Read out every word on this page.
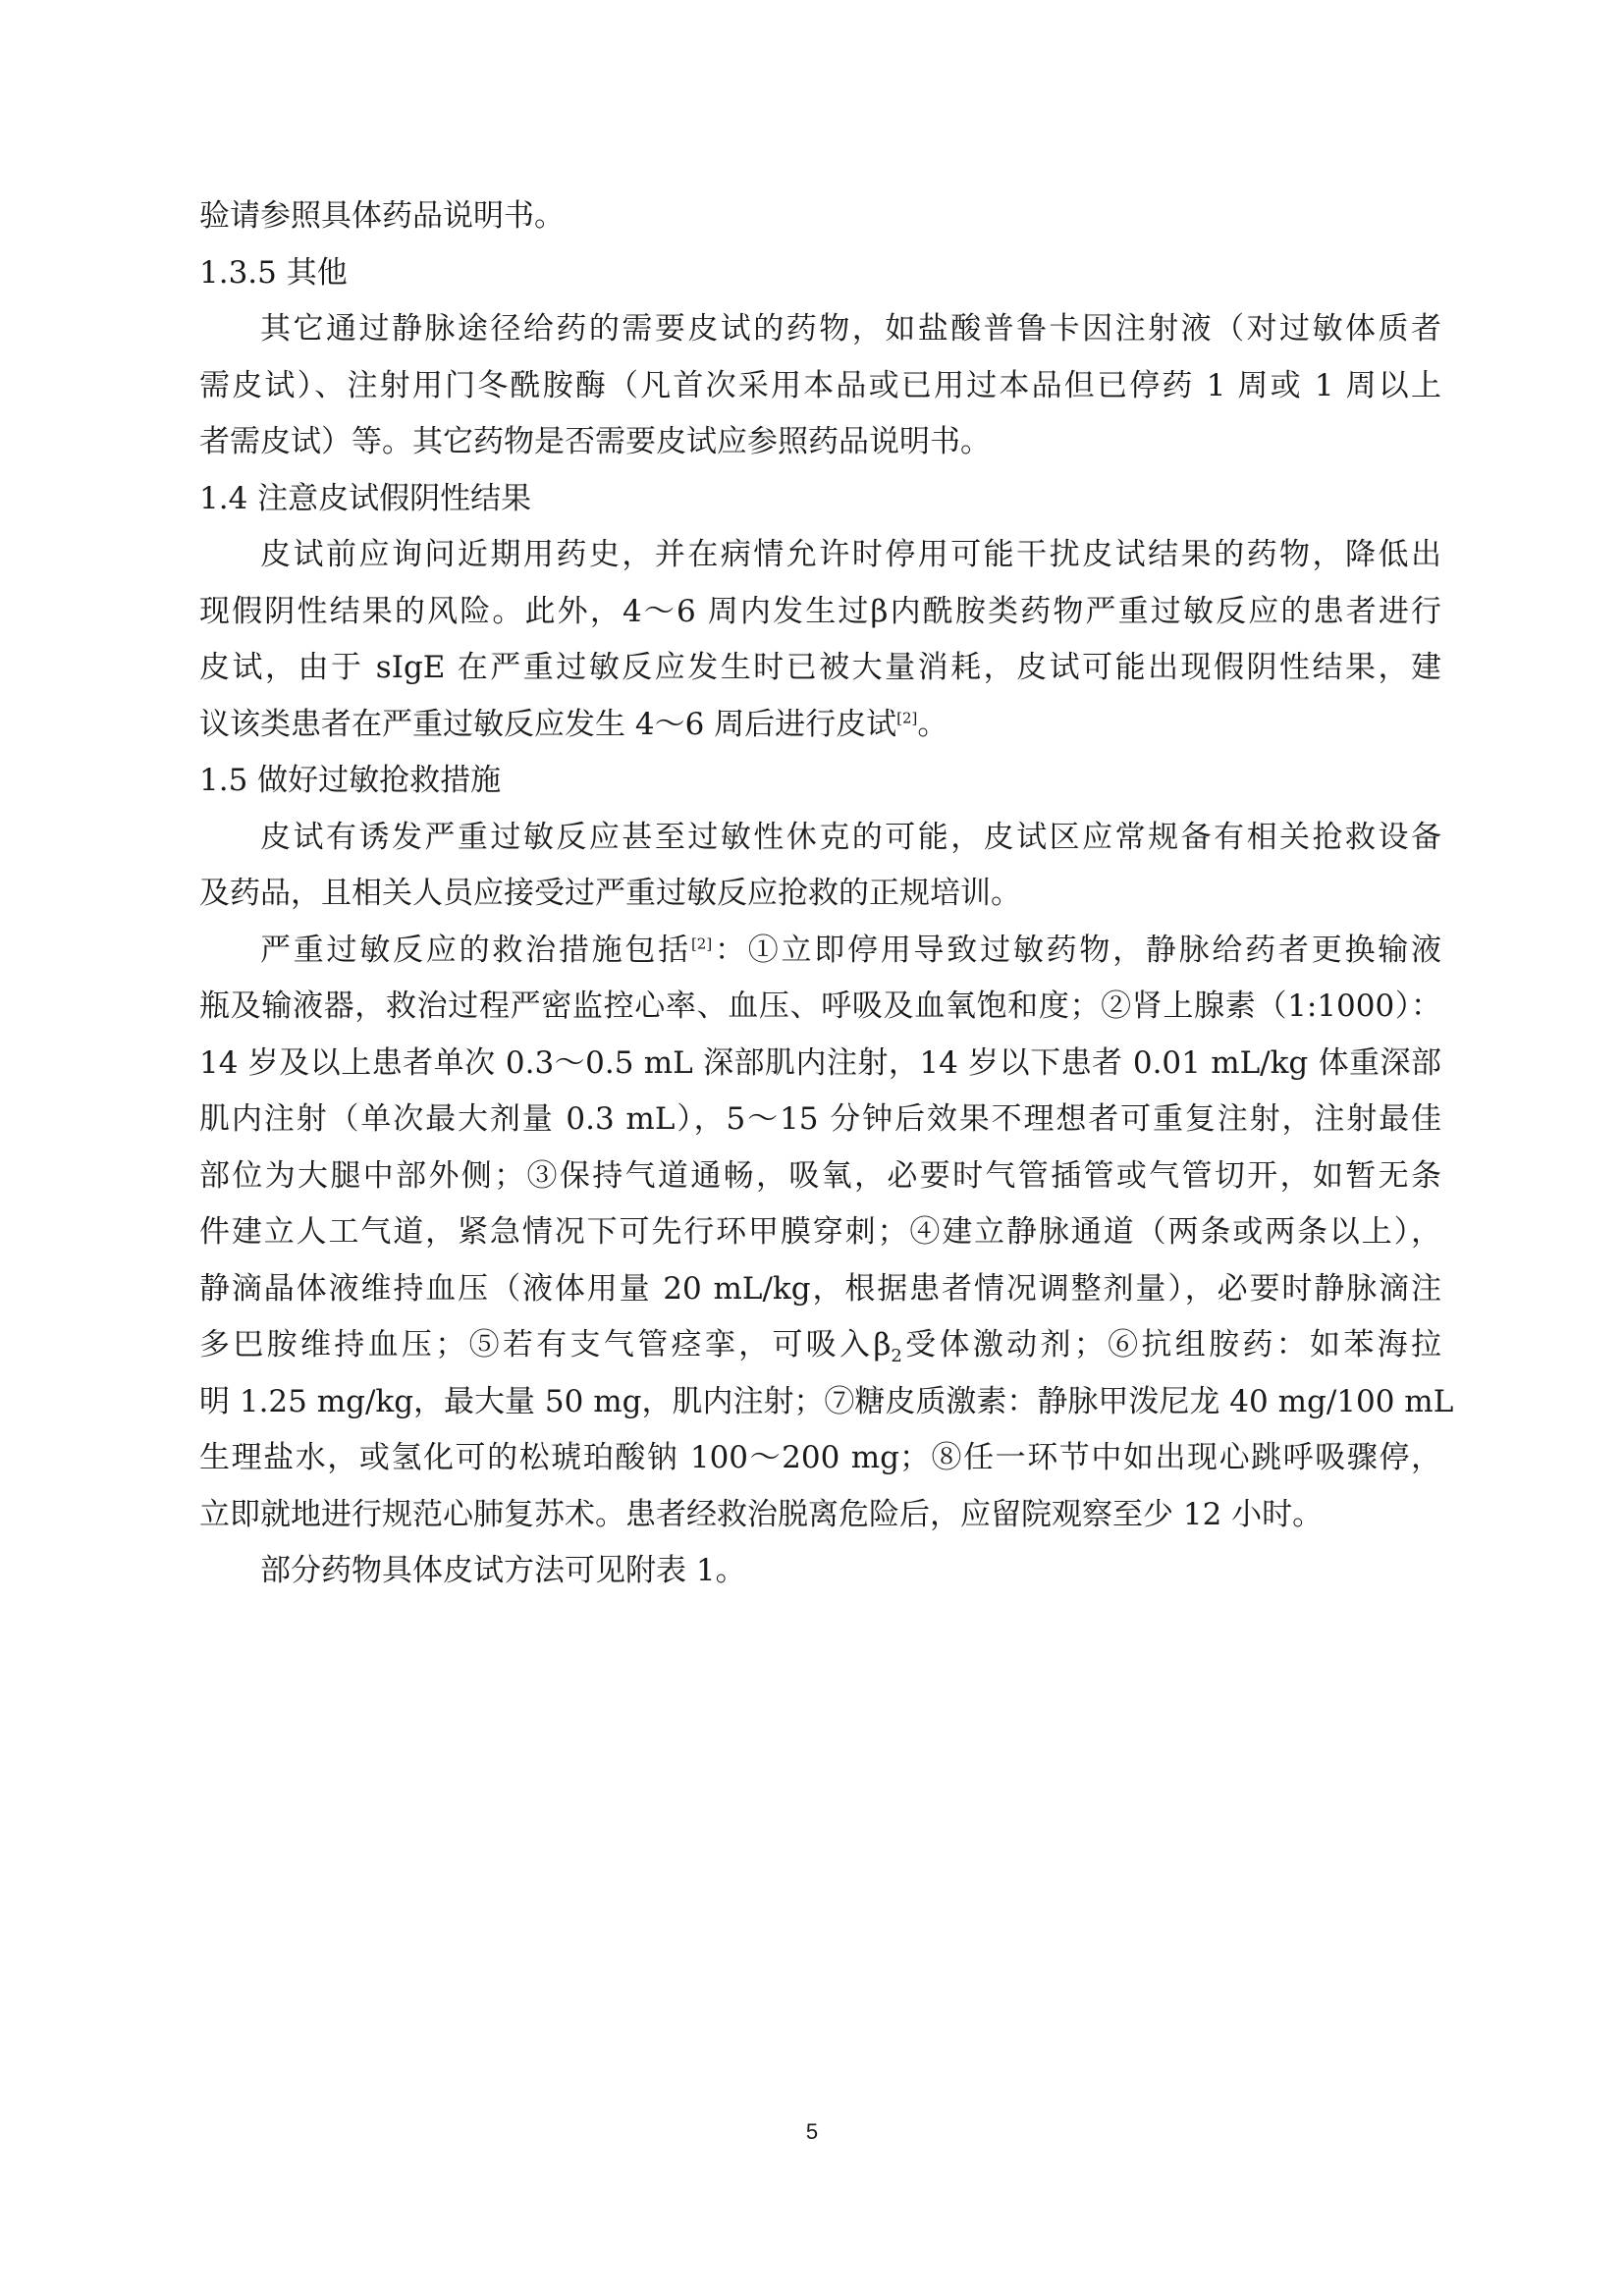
验请参照具体药品说明书。
1.3.5 其他
其它通过静脉途径给药的需要皮试的药物，如盐酸普鲁卡因注射液（对过敏体质者
需皮试）、注射用门冬酰胺酶（凡首次采用本品或已用过本品但已停药 1 周或 1 周以上
者需皮试）等。其它药物是否需要皮试应参照药品说明书。
1.4 注意皮试假阴性结果
皮试前应询问近期用药史，并在病情允许时停用可能干扰皮试结果的药物，降低出
现假阴性结果的风险。此外，4～6 周内发生过β内酰胺类药物严重过敏反应的患者进行
皮试，由于 sIgE 在严重过敏反应发生时已被大量消耗，皮试可能出现假阴性结果，建
议该类患者在严重过敏反应发生 4～6 周后进行皮试[2]。
1.5 做好过敏抢救措施
皮试有诱发严重过敏反应甚至过敏性休克的可能，皮试区应常规备有相关抢救设备
及药品，且相关人员应接受过严重过敏反应抢救的正规培训。
严重过敏反应的救治措施包括[2]：①立即停用导致过敏药物，静脉给药者更换输液
瓶及输液器，救治过程严密监控心率、血压、呼吸及血氧饱和度；②肾上腺素（1:1000）：
14 岁及以上患者单次 0.3～0.5 mL 深部肌内注射，14 岁以下患者 0.01 mL/kg 体重深部
肌内注射（单次最大剂量 0.3 mL），5～15 分钟后效果不理想者可重复注射，注射最佳
部位为大腿中部外侧；③保持气道通畅，吸氧，必要时气管插管或气管切开，如暂无条
件建立人工气道，紧急情况下可先行环甲膜穿刺；④建立静脉通道（两条或两条以上），
静滴晶体液维持血压（液体用量 20 mL/kg，根据患者情况调整剂量），必要时静脉滴注
多巴胺维持血压；⑤若有支气管痉挛，可吸入$\beta_2$受体激动剂；⑥抗组胺药：如苯海拉
明 1.25 mg/kg，最大量 50 mg，肌内注射；⑦糖皮质激素：静脉甲泼尼龙 40 mg/100 mL
生理盐水，或氢化可的松琥珀酸钠 100～200 mg；⑧任一环节中如出现心跳呼吸骤停，
立即就地进行规范心肺复苏术。患者经救治脱离危险后，应留院观察至少 12 小时。
部分药物具体皮试方法可见附表 1。
5
